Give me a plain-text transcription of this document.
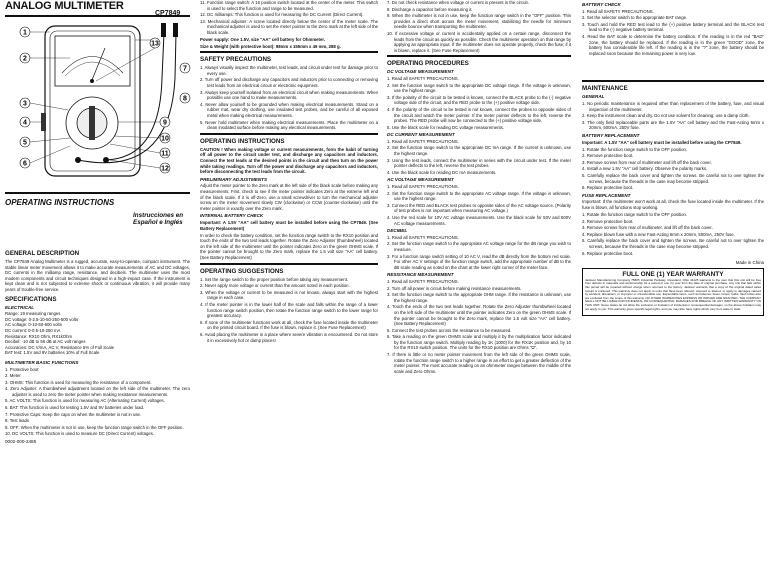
ANALOG MULTIMETER
CP7849
1
2
3
4
5
6
7
8
9
10
11
12
13
OPERATING INSTRUCTIONS
Instrucciones en
Español e Inglés
GENERAL DESCRIPTION

The CP7849 Analog Multimeter is a rugged, accurate, easy-to-operate, compact instrument. The stable linear meter movement allows it to make accurate measurements of AC and DC voltages, DC currents in the milliamp range, resistance, and decibels. The multimeter uses the most modern components and circuit techniques designed in a high-impact case. If the instrument is kept clean and is not subjected to extreme shock or continuous vibration, it will provide many years of trouble-free service.

SPECIFICATIONS
ELECTRICAL
Range: 19 measuring ranges
DC voltage: 0-2.5-10-50-250-500 volts
AC voltage: 0-10-50-500 volts
DC current: 0-0.5-10-250 mA
Resistance: RX10 Ohm, RX1kOhm
Decibel: -10 dB to 56 dB at AC volt ranges
Accuracies: DC V/mA, AC V, Resistance 5% of Full Scale
BAT test: 1.5V and 9V batteries 10% of Full Scale
MULTIMETER BASIC FUNCTIONS

1. Protective boot

2. Meter

3. OHMS: This function is used for measuring the resistance of a component.

4. Zero Adjuster: A thumbwheel adjustment located on the left side of the multimeter. The zero adjuster is used to zero the meter pointer when making resistance measurements.

5. AC VOLTS: This function is used for measuring AC (Alternating Current) voltages.

6. BAT: This function is used for testing 1.5V and 9V batteries under load.

7. Protective Caps: Keep the caps on when the multimeter is not in use.

8. Test leads

9. OFF: When the multimeter is not in use, keep the function range switch in the OFF position.

10. DC VOLTS: This function is used to measure DC (Direct Current) voltages.

0002-000-2485

11. Function range switch: A 16 position switch located at the center of the meter. This switch is used to select the function and range to be measured.

12. DC milliamps: This function is used for measuring the DC Current (Direct Current).

13. Mechanical adjuster: A screw located directly below the center of the meter scale. The mechanical adjuster is used to set the meter pointer to the Zero mark at the left side of the black scale.

Power supply: One 1.5V, size "AA" cell battery for Ohmmeter.

Size & Weight (with protective boot): 98mm x 155mm x 49 mm, 288 g.

SAFETY PRECAUTIONS

1. Always visually inspect the multimeter, test leads, and circuit under test for damage prior to every use.

2. Turn off power and discharge any capacitors and inductors prior to connecting or removing test leads from an electrical circuit or electronic equipment.

3. Always keep yourself isolated from an electrical circuit when making measurements. When possible use one hand to make measurements.

4. Never allow yourself to be grounded when making electrical measurements. Stand on a rubber mat, wear dry clothing, use insulated test probes, and be careful of all exposed metal when making electrical measurements.

5. Never hold multimeter when making electrical measurements. Place the multimeter on a clean insulated surface before making any electrical measurements.

OPERATING INSTRUCTIONS

CAUTION ! When making voltage or current measurements, form the habit of turning off all power to the circuit under test, and discharge any capacitors and inductors. Connect the test leads at the desired points in the circuit and then turn on the power while taking readings. Turn off the power and discharge any capacitors and inductors, before disconnecting the test leads from the circuit.

PRELIMINARY ADJUSTMENTS

Adjust the meter pointer to the Zero mark at the left side of the black scale before making any measurements. First, check to see if the meter pointer indicates Zero at the extreme left end of the black scale. If it is off-Zero, use a small screwdriver to turn the mechanical adjuster screw on the meter movement slowly CW (clockwise) or CCW (counter-clockwise) until the meter pointer is exactly over the Zero mark.

INTERNAL BATTERY CHECK

Important: A 1.5V "AA" cell battery must be installed before using the CP7849. (See Battery Replacement)

In order to check the battery condition, set the function range switch to the RX10 position and touch the ends of the two test leads together. Rotate the Zero Adjuster (thumbwheel) located on the left side of the multimeter until the pointer indicates Zero on the green OHMS scale. If the pointer cannot be brought to the Zero mark, replace the 1.5 volt size "AA" cell battery. (See Battery Replacement)

OPERATING SUGGESTIONS

1. Set the range switch to the proper position before taking any measurement.

2. Never apply more voltage or current than the amount noted in each position.

3. When the voltage or current to be measured is not known, always start with the highest range in each case.

4. If the meter pointer is in the lower half of the scale and falls within the range of a lower function range switch position, then rotate the function range switch to the lower range for greatest accuracy.

5. If none of the multimeter functions work at all, check the fuse located inside the multimeter on the printed circuit board. If the fuse is blown, replace it. (See Fuse Replacement)

6. Avoid placing the multimeter in a place where severe vibration is encountered. Do not store it in excessively hot or damp places!

7. Do not check resistance when voltage or current is present in the circuit.

8. Discharge a capacitor before measuring it.

9. When the multimeter is not in use, keep the function range switch in the "OFF" position. This provides a direct short across the meter movement, stabilizing the needle for minimum needle bounce when transporting the multimeter.

10. If excessive voltage or current is accidentally applied on a certain range, disconnect the leads from the circuit as quickly as possible. Check the multimeter operation on that range by applying an appropriate input. If the multimeter does not operate properly, check the fuse; if it is blown, replace it. (See Fuse Replacement)

OPERATING PROCEDURES
DC VOLTAGE MEASUREMENT

1. Read all SAFETY PRECAUTIONS.

2. Set the function range switch to the appropriate DC voltage range. If the voltage is unknown, use the highest range.

3. If the polarity of the circuit to be tested is known, connect the BLACK probe to the (-) negative voltage side of the circuit, and the RED probe to the (+) positive voltage side.

4. If the polarity of the circuit to be tested is not known, connect the probes to opposite sides of the circuit and watch the meter pointer. If the meter pointer deflects to the left, reverse the probes. The RED probe will now be connected to the (+) positive voltage side.

5. Use the black scale for reading DC voltage measurements.

DC CURRENT MEASUREMENT

1. Read all SAFETY PRECAUTIONS.

2. Set the function range switch to the appropriate DC mA range. If the current is unknown, use the highest range.

3. Using the test leads, connect the multimeter in series with the circuit under test. If the meter pointer deflects to the left, reverse the test probes.

4. Use the black scale for reading DC mA measurements.

AC VOLTAGE MEASUREMENT

1. Read all SAFETY PRECAUTIONS.

2. Set the function range switch to the appropriate AC voltage range. If the voltage is unknown, use the highest range.

3. Connect the RED and BLACK test probes to opposite sides of the AC voltage source. (Polarity of test probes is not important when measuring AC voltage.)

4. Use the red scale for 10V AC voltage measurements. Use the black scale for 50V and 500V AC voltage measurements.

DECIBEL

1. Read all SAFETY PRECAUTIONS.

2. Set the function range switch to the appropriate AC voltage range for the dB range you wish to measure.

3. For a function range switch setting of 10 AC V, read the dB directly from the bottom red scale. For other AC V settings of the function range switch, add the appropriate number of dB to the dB scale reading as noted on the chart at the lower right corner of the meter face.

RESISTANCE MEASUREMENT

1. Read all SAFETY PRECAUTIONS.

2. Turn off all power in circuit before making resistance measurements.

3. Set the function range switch to the appropriate OHM range. If the resistance is unknown, use the highest range.

4. Touch the ends of the two test leads together. Rotate the Zero Adjuster thumbwheel located on the left side of the multimeter until the pointer indicates Zero on the green OHMS scale. If the pointer cannot be brought to the Zero mark, replace the 1.5 volt size "AA" cell battery. (See Battery Replacement)

5. Connect the test probes across the resistance to be measured.

6. Take a reading on the green OHMS scale and multiply it by the multiplication factor indicated by the function range switch. Multiply reading by 1K (1000) for the RX1K position and, by 10 for the RX10 switch position. The units for the RX10 position are Ohms "Ω".

7. If there is little or no meter pointer movement from the left side of the green OHMS scale, rotate the function range switch to a higher range in an effort to get a greater deflection of the meter pointer. The most accurate reading on an ohmmeter ranges between the middle of the scale and Zero Ohms.

BATTERY CHECK

1. Read all SAFETY PRECAUTIONS.

2. Set the selector switch to the appropriate BAT range.

3. Touch and hold the RED test lead to the (+) positive battery terminal and the BLACK test lead to the (-) negative battery terminal.

4. Read the BAT scale to determine the battery condition. If the reading is in the red "BAD" zone, the battery should be replaced. If the reading is in the green "GOOD" zone, the battery has considerable life left. If the reading is in the "?" zone, the battery should be replaced soon because the remaining power is very low.

MAINTENANCE
GENERAL

1. No periodic maintenance is required other than replacement of the battery, fuse, and visual inspection of the multimeter.

2. Keep the instrument clean and dry. Do not use solvent for cleaning; use a damp cloth.

3. The only field replaceable parts are the 1.5V "AA" cell battery and the Fast-Acting 5mm x 20mm, 500mA, 250V fuse.

BATTERY REPLACEMENT

Important: A 1.5V "AA" cell battery must be installed before using the CP7849.

1. Rotate the function range switch to the OFF position.

2. Remove protective boot.

3. Remove screws from rear of multimeter and lift off the back cover.

4. Install a new 1.5V "AA" cell battery. Observe the polarity marks.

5. Carefully replace the back cover and tighten the screws. Be careful not to over tighten the screws, because the threads in the case may become stripped.

6. Replace protective boot.

FUSE REPLACEMENT

Important: If the multimeter won't work at all, check the fuse located inside the multimeter. If the fuse is blown, all functions stop working.

1. Rotate the function range switch to the OFF position.

2. Remove protective boot.

3. Remove screws from rear of multimeter, and lift off the back cover.

4. Replace blown fuse with a new Fast-Acting 5mm x 20mm, 500mA, 250V fuse.

5. Carefully replace the back cover and tighten the screws. Be careful not to over tighten the screws, because the threads in the case may become stripped.

6. Replace protective boot.

Made in China
FULL ONE (1) YEAR WARRANTY

Jackson Manufacturing Company 75805 Industrial Parkway, Cleveland, Ohio 44125 warrants to the user that this unit will be free from defects in materials and workmanship for a period of one (1) year from the date of original purchase. Any unit that fails within this period will be repaired without charge when returned to the factory. Jackson warrants that a copy of the original dated sales receipt is enclosed. This warranty does not apply to units that have been abused, misused or altered, or apply to damages caused by accident, alterations, or improper or unreasonable use. Expendable items, such as batteries, fuses, lamps, bulbs, flash tubes also are excluded from the scope of this warranty. NO OTHER WARRANTIES EXPRESS OR IMPLIED ARE GRANTED. THE COMPANY SHALL NOT BE LIABLE FOR INCIDENTAL OR CONSEQUENTIAL DAMAGES FOR BREACH OF ANY WRITTEN WARRANTY ON THIS UNIT. Some states do not allow the exclusion or limitation of incidental or consequential damages, so the above limitation may not apply to you. This warranty gives specific legal rights, and you may also have rights which vary from state to state.
